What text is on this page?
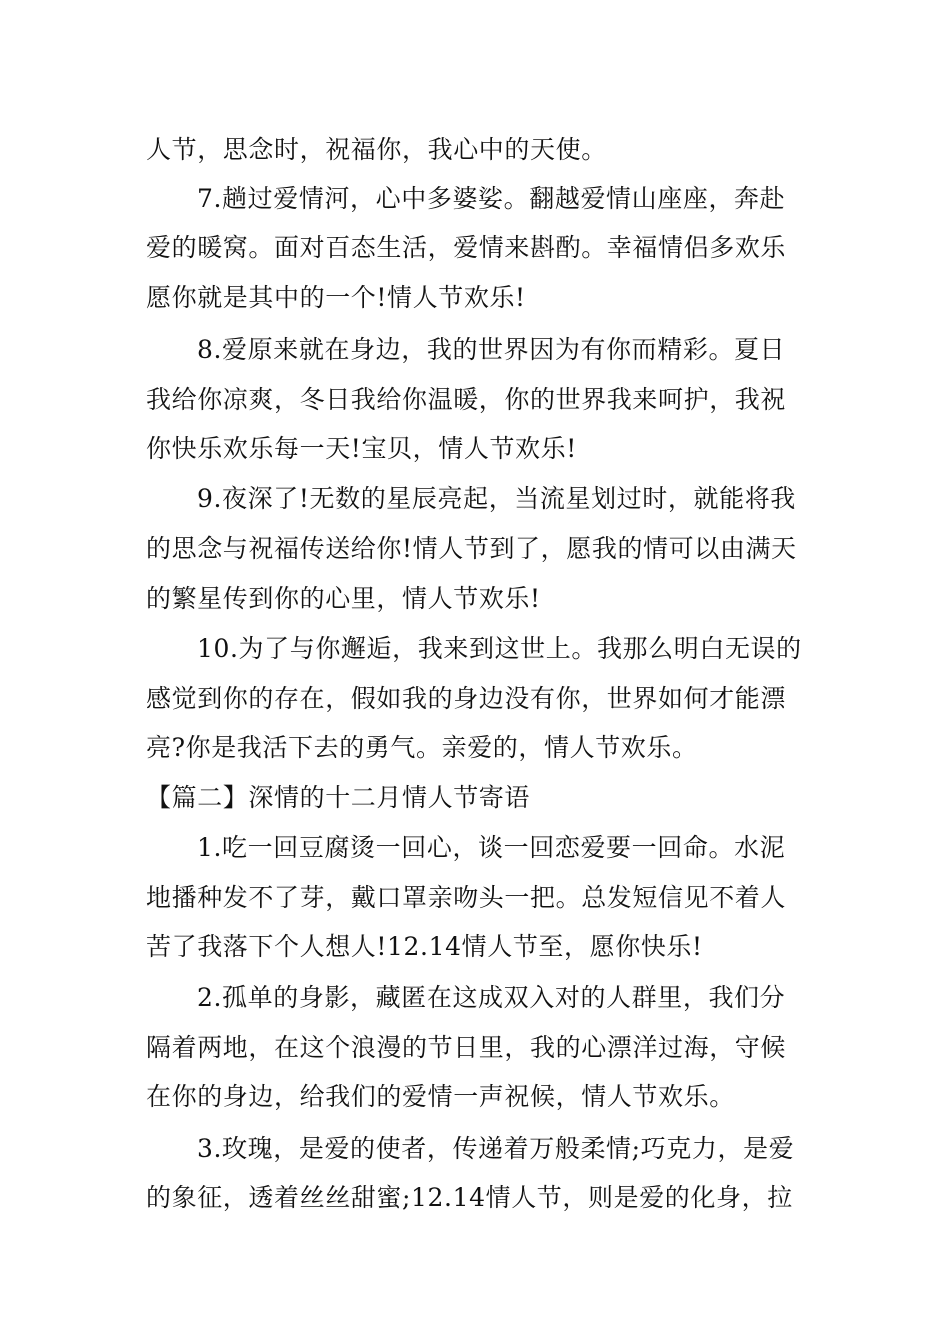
人节，思念时，祝福你，我心中的天使。
7.趟过爱情河，心中多婆娑。翻越爱情山座座，奔赴
爱的暖窝。面对百态生活，爱情来斟酌。幸福情侣多欢乐
愿你就是其中的一个!情人节欢乐!
8.爱原来就在身边，我的世界因为有你而精彩。夏日
我给你凉爽，冬日我给你温暖，你的世界我来呵护，我祝
你快乐欢乐每一天!宝贝，情人节欢乐!
9.夜深了!无数的星辰亮起，当流星划过时，就能将我
的思念与祝福传送给你!情人节到了，愿我的情可以由满天
的繁星传到你的心里，情人节欢乐!
10.为了与你邂逅，我来到这世上。我那么明白无误的
感觉到你的存在，假如我的身边没有你，世界如何才能漂
亮?你是我活下去的勇气。亲爱的，情人节欢乐。
【篇二】深情的十二月情人节寄语
1.吃一回豆腐烫一回心，谈一回恋爱要一回命。水泥
地播种发不了芽，戴口罩亲吻头一把。总发短信见不着人
苦了我落下个人想人!12.14情人节至，愿你快乐!
2.孤单的身影，藏匿在这成双入对的人群里，我们分
隔着两地，在这个浪漫的节日里，我的心漂洋过海，守候
在你的身边，给我们的爱情一声祝候，情人节欢乐。
3.玫瑰，是爱的使者，传递着万般柔情;巧克力，是爱
的象征，透着丝丝甜蜜;12.14情人节，则是爱的化身，拉
